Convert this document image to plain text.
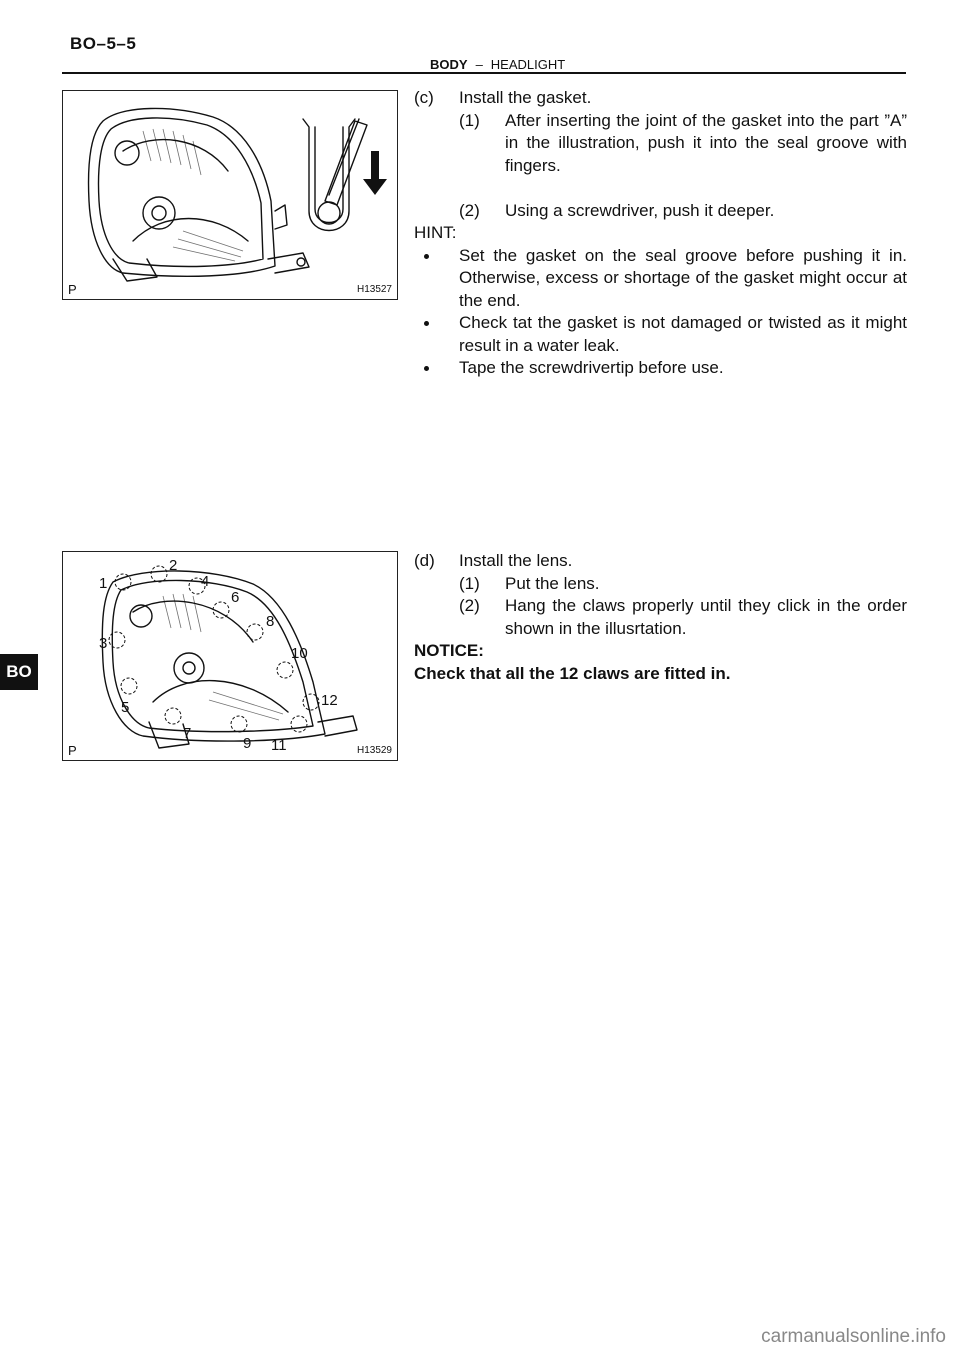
BO–5–5
BODY – HEADLIGHT
P	H13527
1
2
3
4
5
6
7
8
9
10
11
12
P	H13529
(c) Install the gasket.
(1) After inserting the joint of the gasket into the part ”A” in the illustration, push it into the seal groove with fingers.
(2) Using a screwdriver, push it deeper.
HINT:
Set the gasket on the seal groove before pushing it in. Otherwise, excess or shortage of the gasket might occur at the end.
Check tat the gasket is not damaged or twisted as it might result in a water leak.
Tape the screwdrivertip before use.
(d) Install the lens.
(1) Put the lens.
(2) Hang the claws properly until they click in the order shown in the illusrtation.
NOTICE:
Check that all the 12 claws are fitted in.
BO
carmanualsonline.info
